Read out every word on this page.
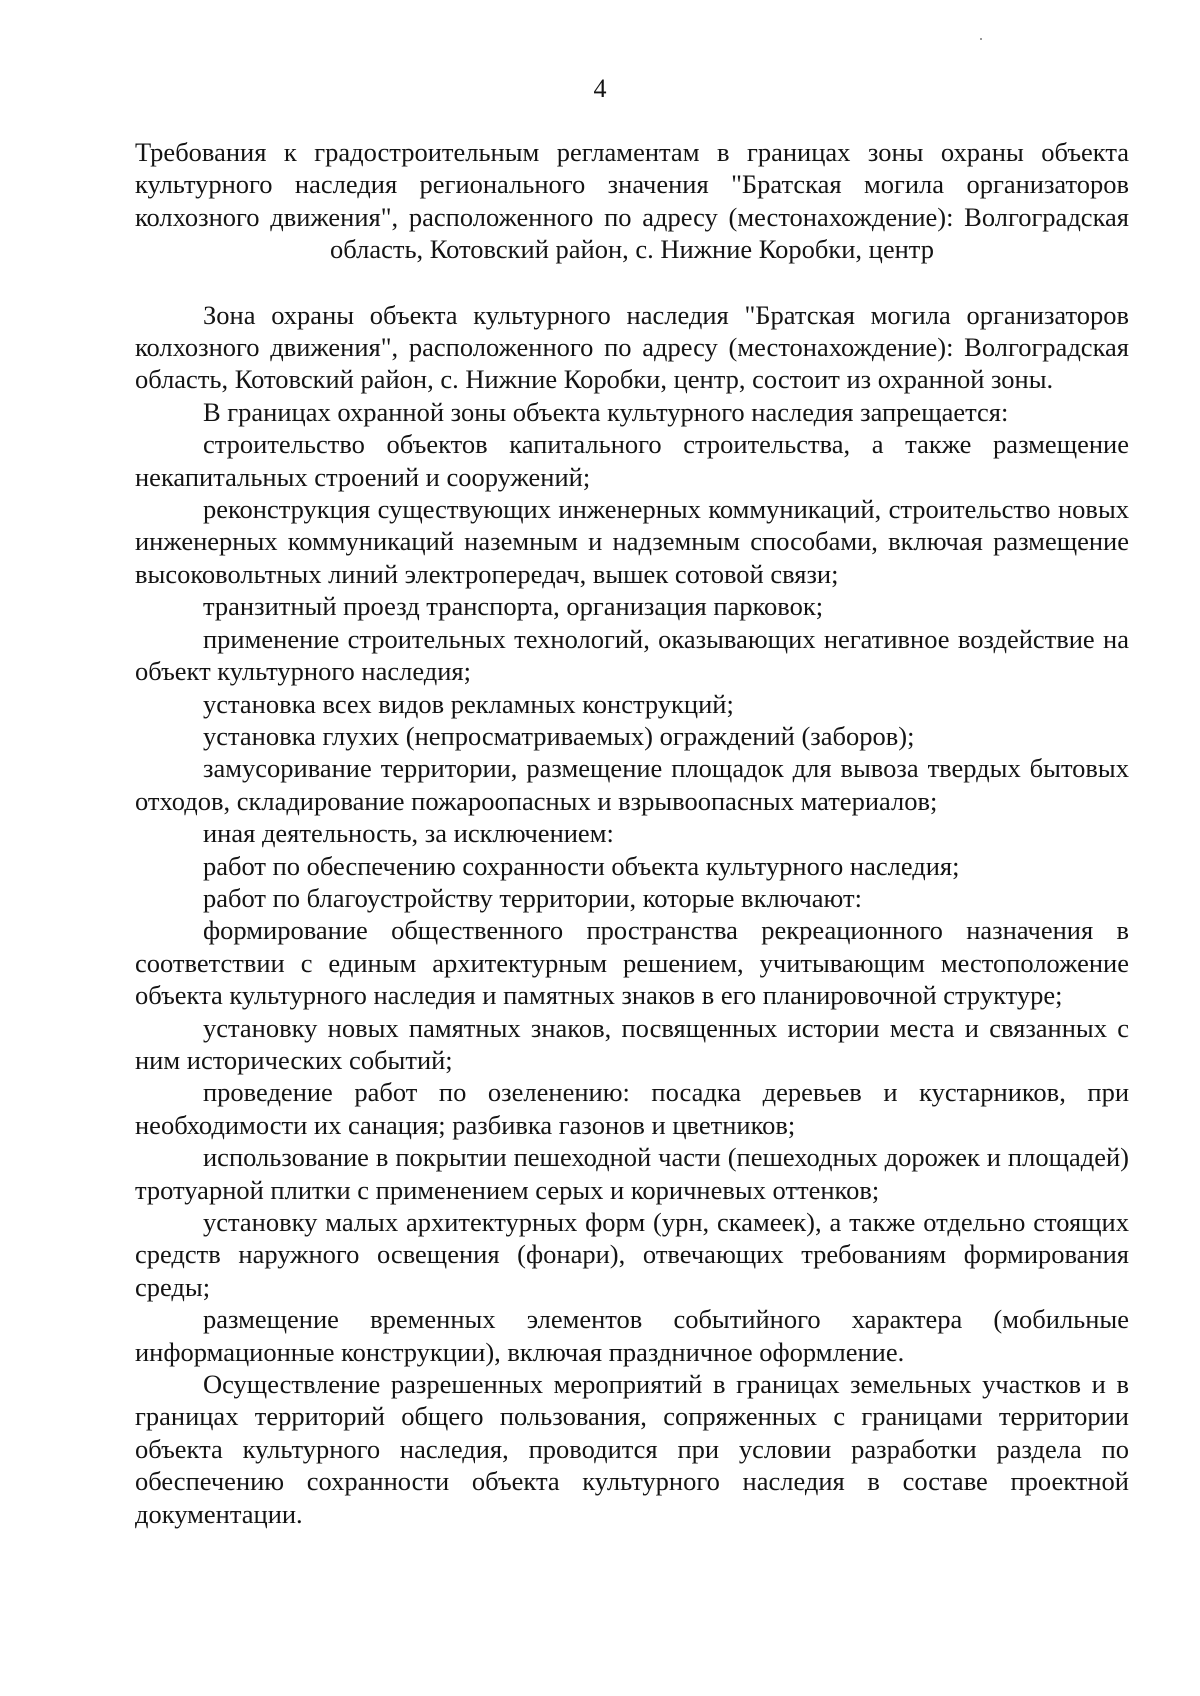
4
Требования к градостроительным регламентам в границах зоны охраны объекта культурного наследия регионального значения "Братская могила организаторов колхозного движения", расположенного по адресу (местонахождение): Волгоградская область, Котовский район, с. Нижние Коробки, центр

Зона охраны объекта культурного наследия "Братская могила организаторов колхозного движения", расположенного по адресу (местонахождение): Волгоградская область, Котовский район, с. Нижние Коробки, центр, состоит из охранной зоны.

В границах охранной зоны объекта культурного наследия запрещается:

строительство объектов капитального строительства, а также размещение некапитальных строений и сооружений;

реконструкция существующих инженерных коммуникаций, строительство новых инженерных коммуникаций наземным и надземным способами, включая размещение высоковольтных линий электропередач, вышек сотовой связи;

транзитный проезд транспорта, организация парковок;

применение строительных технологий, оказывающих негативное воздействие на объект культурного наследия;

установка всех видов рекламных конструкций;

установка глухих (непросматриваемых) ограждений (заборов);

замусоривание территории, размещение площадок для вывоза твердых бытовых отходов, складирование пожароопасных и взрывоопасных материалов;

иная деятельность, за исключением:

работ по обеспечению сохранности объекта культурного наследия;

работ по благоустройству территории, которые включают:

формирование общественного пространства рекреационного назначения в соответствии с единым архитектурным решением, учитывающим местоположение объекта культурного наследия и памятных знаков в его планировочной структуре;

установку новых памятных знаков, посвященных истории места и связанных с ним исторических событий;

проведение работ по озеленению: посадка деревьев и кустарников, при необходимости их санация; разбивка газонов и цветников;

использование в покрытии пешеходной части (пешеходных дорожек и площадей) тротуарной плитки с применением серых и коричневых оттенков;

установку малых архитектурных форм (урн, скамеек), а также отдельно стоящих средств наружного освещения (фонари), отвечающих требованиям формирования среды;

размещение временных элементов событийного характера (мобильные информационные конструкции), включая праздничное оформление.

Осуществление разрешенных мероприятий в границах земельных участков и в границах территорий общего пользования, сопряженных с границами территории объекта культурного наследия, проводится при условии разработки раздела по обеспечению сохранности объекта культурного наследия в составе проектной документации.
